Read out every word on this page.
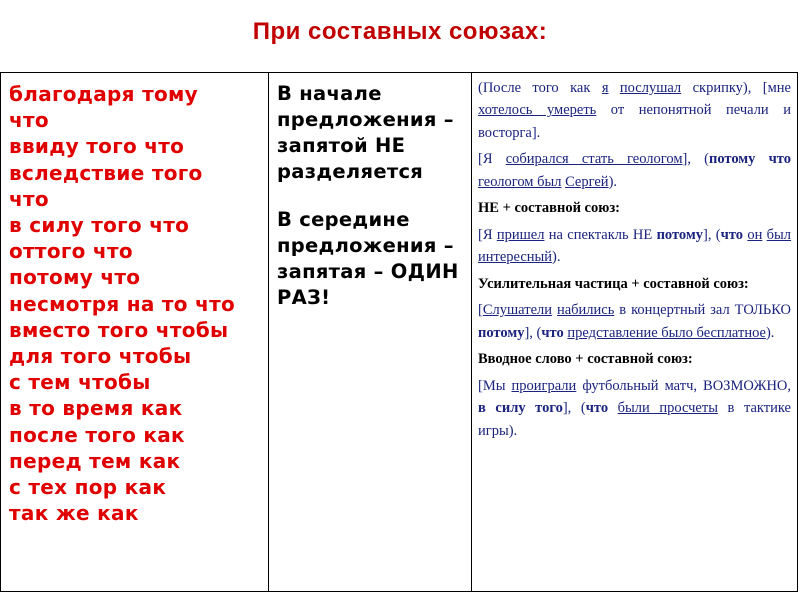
При составных союзах:
благодаря тому
что
ввиду того что
вследствие того
что
в силу того что
оттого что
потому что
несмотря на то что
вместо того чтобы
для того чтобы
с тем чтобы
в то время как
после того как
перед тем как
с тех пор как
так же как

В начале предложения – запятой НЕ разделяется

В середине предложения – запятая – ОДИН РАЗ!

(После того как я послушал скрипку), [мне хотелось умереть от непонятной печали и восторга].

[Я собирался стать геологом], (потому что геологом был Сергей).

НЕ + составной союз:

[Я пришел на спектакль НЕ потому], (что он был интересный).

Усилительная частица + составной союз:

[Слушатели набились в концертный зал ТОЛЬКО потому], (что представление было бесплатное).

Вводное слово + составной союз:

[Мы проиграли футбольный матч, ВОЗМОЖНО, в силу того], (что были просчеты в тактике игры).
